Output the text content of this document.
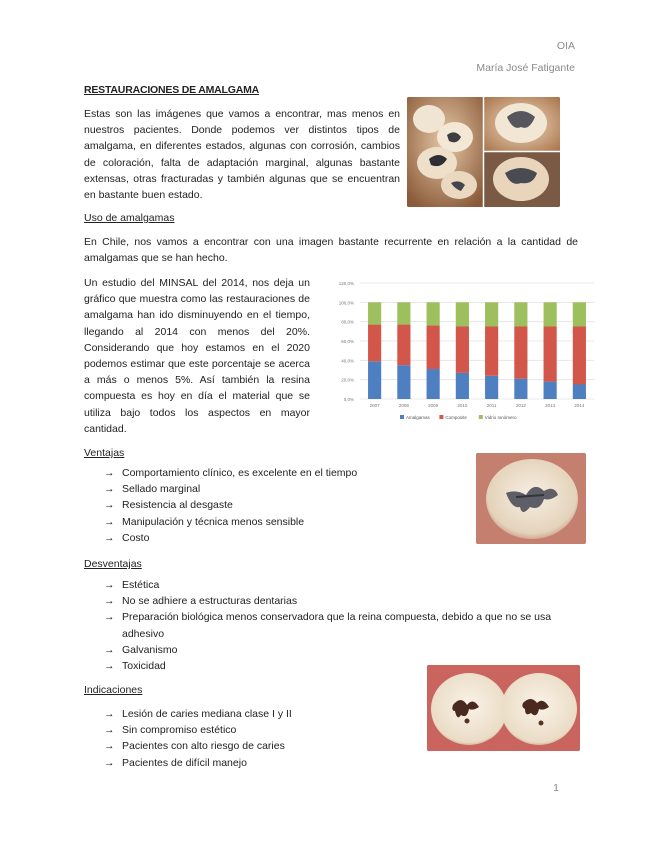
OIA
María José Fatigante
RESTAURACIONES DE AMALGAMA
Estas son las imágenes que vamos a encontrar, mas menos en nuestros pacientes. Donde podemos ver distintos tipos de amalgama, en diferentes estados, algunas con corrosión, cambios de coloración, falta de adaptación marginal, algunas bastante extensas, otras fracturadas y también algunas que se encuentran en bastante buen estado.
Uso de amalgamas
En Chile, nos vamos a encontrar con una imagen bastante recurrente en relación a la cantidad de amalgamas que se han hecho.
Un estudio del MINSAL del 2014, nos deja un gráfico que muestra como las restauraciones de amalgama han ido disminuyendo en el tiempo, llegando al 2014 con menos del 20%. Considerando que hoy estamos en el 2020 podemos estimar que este porcentaje se acerca a más o menos 5%. Así también la resina compuesta es hoy en día el material que se utiliza bajo todos los aspectos en mayor cantidad.
0,0%
20,0%
40,0%
60,0%
80,0%
100,0%
120,0%
2007	2008	2009	2010	2011	2012	2013	2014
Amalgamas	Composite	Vidrio Ionómero
Ventajas
→ Comportamiento clínico, es excelente en el tiempo
→ Sellado marginal
→ Resistencia al desgaste
→ Manipulación y técnica menos sensible
→ Costo
Desventajas
→ Estética
→ No se adhiere a estructuras dentarias
→ Preparación biológica menos conservadora que la reina compuesta, debido a que no se usa adhesivo
→ Galvanismo
→ Toxicidad
Indicaciones
→ Lesión de caries mediana clase I y II
→ Sin compromiso estético
→ Pacientes con alto riesgo de caries
→ Pacientes de difícil manejo
1
